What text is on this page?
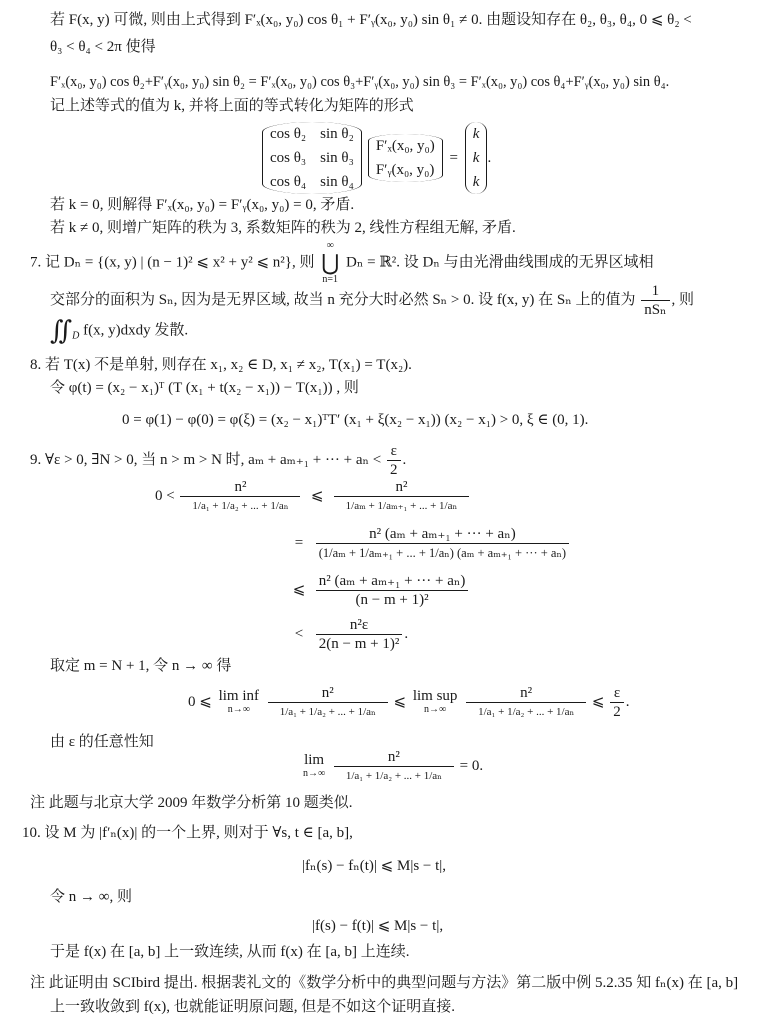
若 F(x, y) 可微, 则由上式得到 F′ₓ(x₀, y₀) cos θ₁ + F′ᵧ(x₀, y₀) sin θ₁ ≠ 0. 由题设知存在 θ₂, θ₃, θ₄, 0 ⩽ θ₂ <
θ₃ < θ₄ < 2π 使得
F′ₓ(x₀, y₀) cos θ₂+F′ᵧ(x₀, y₀) sin θ₂ = F′ₓ(x₀, y₀) cos θ₃+F′ᵧ(x₀, y₀) sin θ₃ = F′ₓ(x₀, y₀) cos θ₄+F′ᵧ(x₀, y₀) sin θ₄.
记上述等式的值为 k, 并将上面的等式转化为矩阵的形式
cos θ₂	sin θ₂
cos θ₃	sin θ₃
cos θ₄	sin θ₄
F′ₓ(x₀, y₀)
F′ᵧ(x₀, y₀)
=
k
k
k
.
若 k = 0, 则解得 F′ₓ(x₀, y₀) = F′ᵧ(x₀, y₀) = 0, 矛盾.
若 k ≠ 0, 则增广矩阵的秩为 3, 系数矩阵的秩为 2, 线性方程组无解, 矛盾.
7. 记 Dₙ = {(x, y) | (n − 1)² ⩽ x² + y² ⩽ n²}, 则
∞
⋃
n=1
Dₙ = ℝ². 设 Dₙ 与由光滑曲线围成的无界区域相
交部分的面积为 Sₙ, 因为是无界区域, 故当 n 充分大时必然 Sₙ > 0. 设 f(x, y) 在 Sₙ 上的值为 $\frac{1}{\text{nSₙ}}$ , 则
$∬_D$ f(x, y)dxdy 发散.
8. 若 T(x) 不是单射, 则存在 x₁, x₂ ∈ D, x₁ ≠ x₂, T(x₁) = T(x₂).
令 φ(t) = (x₂ − x₁)ᵀ (T (x₁ + t(x₂ − x₁)) − T(x₁)) , 则
0 = φ(1) − φ(0) = φ(ξ) = (x₂ − x₁)ᵀT′ (x₁ + ξ(x₂ − x₁)) (x₂ − x₁) > 0, ξ ∈ (0, 1).
9. ∀ε > 0, ∃N > 0, 当 n > m > N 时, aₘ + aₘ₊₁ + ··· + $a_n < \frac{\varepsilon}{2}$ .
$0 < \frac{\text{n²}}{\text{1/a₁ + 1/a₂ + ... + 1/aₙ}}$ ⩽ $\frac{\text{n²}}{\text{1/aₘ + 1/aₘ₊₁ + ... + 1/aₙ}}$
= $\frac{\text{n² (aₘ + aₘ₊₁ + ··· + aₙ)}}{\text{(1/aₘ + 1/aₘ₊₁ + ... + 1/aₙ) (aₘ + aₘ₊₁ + ··· + aₙ)}}$
⩽ $\frac{\text{n² (aₘ + aₘ₊₁ + ··· + aₙ)}}{\text{(n − m + 1)²}}$
< $\frac{\text{n²ε}}{\text{2(n − m + 1)²}}$ .
取定 m = N + 1, 令 n → ∞ 得
0 ⩽ lim inf
n→∞
$\frac{\text{n²}}{\text{1/a₁ + 1/a₂ + ... + 1/aₙ}}$ ⩽ lim sup
n→∞
$\frac{\text{n²}}{\text{1/a₁ + 1/a₂ + ... + 1/aₙ}}$ ⩽ $\frac{\varepsilon}{2}$ .
由 ε 的任意性知
lim
n→∞
$\frac{\text{n²}}{\text{1/a₁ + 1/a₂ + ... + 1/aₙ}} = 0$.
注 此题与北京大学 2009 年数学分析第 10 题类似.
10. 设 M 为 |f′ₙ(x)| 的一个上界, 则对于 ∀s, t ∈ [a, b],
|fₙ(s) − fₙ(t)| ⩽ M|s − t|,
令 n → ∞, 则
|f(s) − f(t)| ⩽ M|s − t|,
于是 f(x) 在 [a, b] 上一致连续, 从而 f(x) 在 [a, b] 上连续.
注 此证明由 SCIbird 提出. 根据裴礼文的《数学分析中的典型问题与方法》第二版中例 5.2.35 知 fₙ(x) 在 [a, b]
上一致收敛到 f(x), 也就能证明原问题, 但是不如这个证明直接.
